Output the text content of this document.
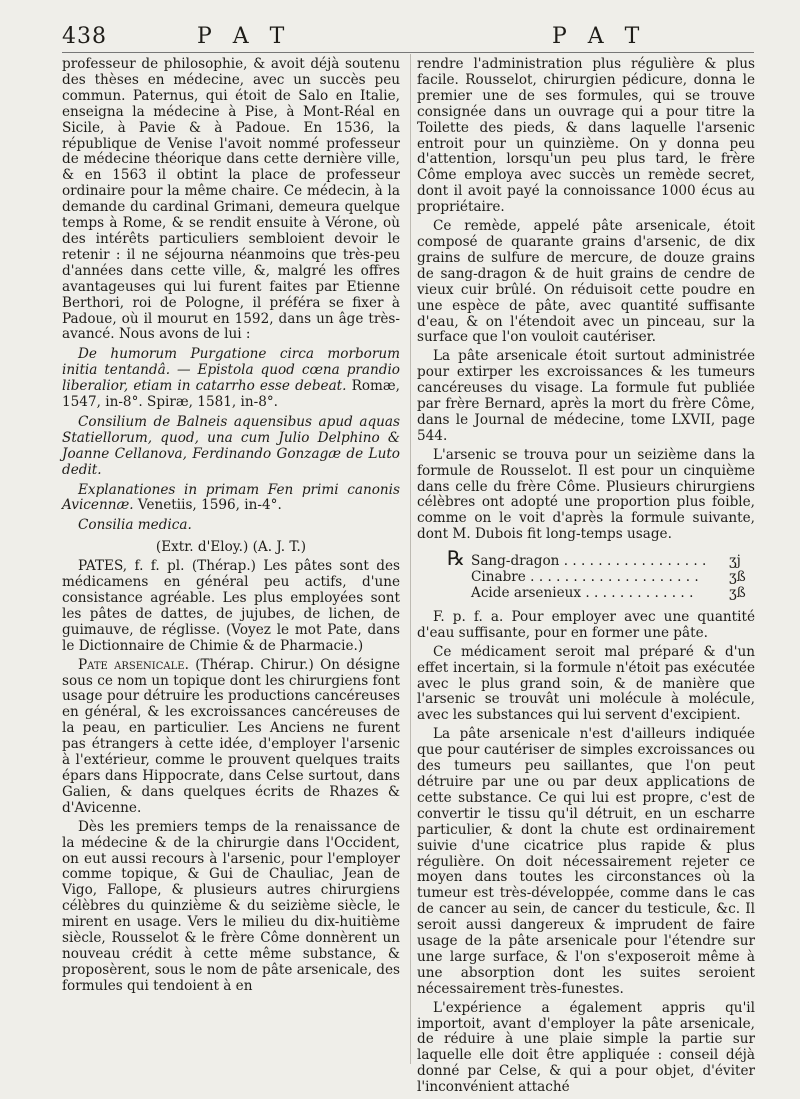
438	P A T	P A T

professeur de philosophie, & avoit déjà soutenu des thèses en médecine, avec un succès peu commun. Paternus, qui étoit de Salo en Italie, enseigna la médecine à Pise, à Mont-Réal en Sicile, à Pavie & à Padoue. En 1536, la république de Venise l'avoit nommé professeur de médecine théorique dans cette dernière ville, & en 1563 il obtint la place de professeur ordinaire pour la même chaire. Ce médecin, à la demande du cardinal Grimani, demeura quelque temps à Rome, & se rendit ensuite à Vérone, où des intérêts particuliers sembloient devoir le retenir : il ne séjourna néanmoins que très-peu d'années dans cette ville, &, malgré les offres avantageuses qui lui furent faites par Etienne Berthori, roi de Pologne, il préféra se fixer à Padoue, où il mourut en 1592, dans un âge très-avancé. Nous avons de lui :

De humorum Purgatione circa morborum initia tentandâ. — Epistola quod cœna prandio liberalior, etiam in catarrho esse debeat. Romæ, 1547, in-8°. Spiræ, 1581, in-8°.

Consilium de Balneis aquensibus apud aquas Statiellorum, quod, una cum Julio Delphino & Joanne Cellanova, Ferdinando Gonzagæ de Luto dedit.

Explanationes in primam Fen primi canonis Avicennæ. Venetiis, 1596, in-4°.

Consilia medica.

(Extr. d'Eloy.) (A. J. T.)

PATES, f. f. pl. (Thérap.) Les pâtes sont des médicamens en général peu actifs, d'une consistance agréable. Les plus employées sont les pâtes de dattes, de jujubes, de lichen, de guimauve, de réglisse. (Voyez le mot Pate, dans le Dictionnaire de Chimie & de Pharmacie.)

Pate arsenicale. (Thérap. Chirur.) On désigne sous ce nom un topique dont les chirurgiens font usage pour détruire les productions cancéreuses en général, & les excroissances cancéreuses de la peau, en particulier. Les Anciens ne furent pas étrangers à cette idée, d'employer l'arsenic à l'extérieur, comme le prouvent quelques traits épars dans Hippocrate, dans Celse surtout, dans Galien, & dans quelques écrits de Rhazes & d'Avicenne.

Dès les premiers temps de la renaissance de la médecine & de la chirurgie dans l'Occident, on eut aussi recours à l'arsenic, pour l'employer comme topique, & Gui de Chauliac, Jean de Vigo, Fallope, & plusieurs autres chirurgiens célèbres du quinzième & du seizième siècle, le mirent en usage. Vers le milieu du dix-huitième siècle, Rousselot & le frère Côme donnèrent un nouveau crédit à cette même substance, & proposèrent, sous le nom de pâte arsenicale, des formules qui tendoient à en

rendre l'administration plus régulière & plus facile. Rousselot, chirurgien pédicure, donna le premier une de ses formules, qui se trouve consignée dans un ouvrage qui a pour titre la Toilette des pieds, & dans laquelle l'arsenic entroit pour un quinzième. On y donna peu d'attention, lorsqu'un peu plus tard, le frère Côme employa avec succès un remède secret, dont il avoit payé la connoissance 1000 écus au propriétaire.

Ce remède, appelé pâte arsenicale, étoit composé de quarante grains d'arsenic, de dix grains de sulfure de mercure, de douze grains de sang-dragon & de huit grains de cendre de vieux cuir brûlé. On réduisoit cette poudre en une espèce de pâte, avec quantité suffisante d'eau, & on l'étendoit avec un pinceau, sur la surface que l'on vouloit cautériser.

La pâte arsenicale étoit surtout administrée pour extirper les excroissances & les tumeurs cancéreuses du visage. La formule fut publiée par frère Bernard, après la mort du frère Côme, dans le Journal de médecine, tome LXVII, page 544.

L'arsenic se trouva pour un seizième dans la formule de Rousselot. Il est pour un cinquième dans celle du frère Côme. Plusieurs chirurgiens célèbres ont adopté une proportion plus foible, comme on le voit d'après la formule suivante, dont M. Dubois fit long-temps usage.

℞ Sang-dragon . . . . . . . . . . . . . . . . .	ʒj
Cinabre . . . . . . . . . . . . . . . . . . . .	ʒß
Acide arsenieux . . . . . . . . . . . . .	ʒß

F. p. f. a. Pour employer avec une quantité d'eau suffisante, pour en former une pâte.

Ce médicament seroit mal préparé & d'un effet incertain, si la formule n'étoit pas exécutée avec le plus grand soin, & de manière que l'arsenic se trouvât uni molécule à molécule, avec les substances qui lui servent d'excipient.

La pâte arsenicale n'est d'ailleurs indiquée que pour cautériser de simples excroissances ou des tumeurs peu saillantes, que l'on peut détruire par une ou par deux applications de cette substance. Ce qui lui est propre, c'est de convertir le tissu qu'il détruit, en un escharre particulier, & dont la chute est ordinairement suivie d'une cicatrice plus rapide & plus régulière. On doit nécessairement rejeter ce moyen dans toutes les circonstances où la tumeur est très-développée, comme dans le cas de cancer au sein, de cancer du testicule, &c. Il seroit aussi dangereux & imprudent de faire usage de la pâte arsenicale pour l'étendre sur une large surface, & l'on s'exposeroit même à une absorption dont les suites seroient nécessairement très-funestes.

L'expérience a également appris qu'il importoit, avant d'employer la pâte arsenicale, de réduire à une plaie simple la partie sur laquelle elle doit être appliquée : conseil déjà donné par Celse, & qui a pour objet, d'éviter l'inconvénient attaché
